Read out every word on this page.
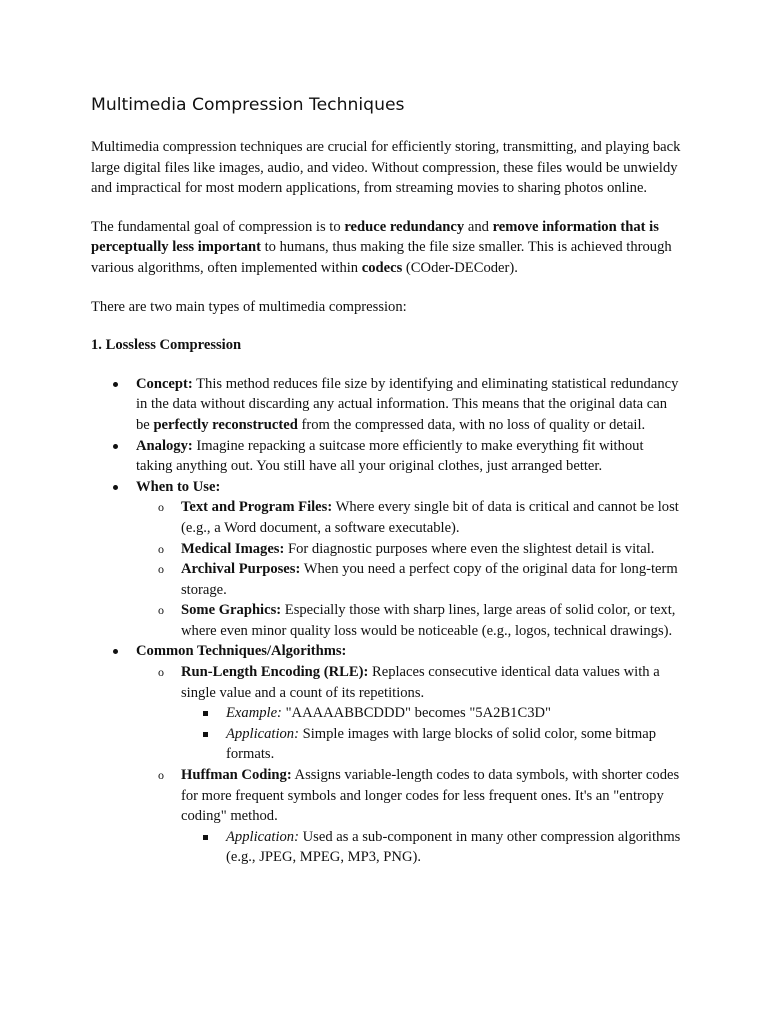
Multimedia Compression Techniques

Multimedia compression techniques are crucial for efficiently storing, transmitting, and playing back large digital files like images, audio, and video. Without compression, these files would be unwieldy and impractical for most modern applications, from streaming movies to sharing photos online.

The fundamental goal of compression is to reduce redundancy and remove information that is perceptually less important to humans, thus making the file size smaller. This is achieved through various algorithms, often implemented within codecs (COder-DECoder).

There are two main types of multimedia compression:

1. Lossless Compression

Concept: This method reduces file size by identifying and eliminating statistical redundancy in the data without discarding any actual information. This means that the original data can be perfectly reconstructed from the compressed data, with no loss of quality or detail.
Analogy: Imagine repacking a suitcase more efficiently to make everything fit without taking anything out. You still have all your original clothes, just arranged better.
When to Use:
o Text and Program Files: Where every single bit of data is critical and cannot be lost (e.g., a Word document, a software executable).
o Medical Images: For diagnostic purposes where even the slightest detail is vital.
o Archival Purposes: When you need a perfect copy of the original data for long-term storage.
o Some Graphics: Especially those with sharp lines, large areas of solid color, or text, where even minor quality loss would be noticeable (e.g., logos, technical drawings).
Common Techniques/Algorithms:
o Run-Length Encoding (RLE): Replaces consecutive identical data values with a single value and a count of its repetitions.
Example: "AAAAABBCDDD" becomes "5A2B1C3D"
Application: Simple images with large blocks of solid color, some bitmap formats.
o Huffman Coding: Assigns variable-length codes to data symbols, with shorter codes for more frequent symbols and longer codes for less frequent ones. It's an "entropy coding" method.
Application: Used as a sub-component in many other compression algorithms (e.g., JPEG, MPEG, MP3, PNG).
